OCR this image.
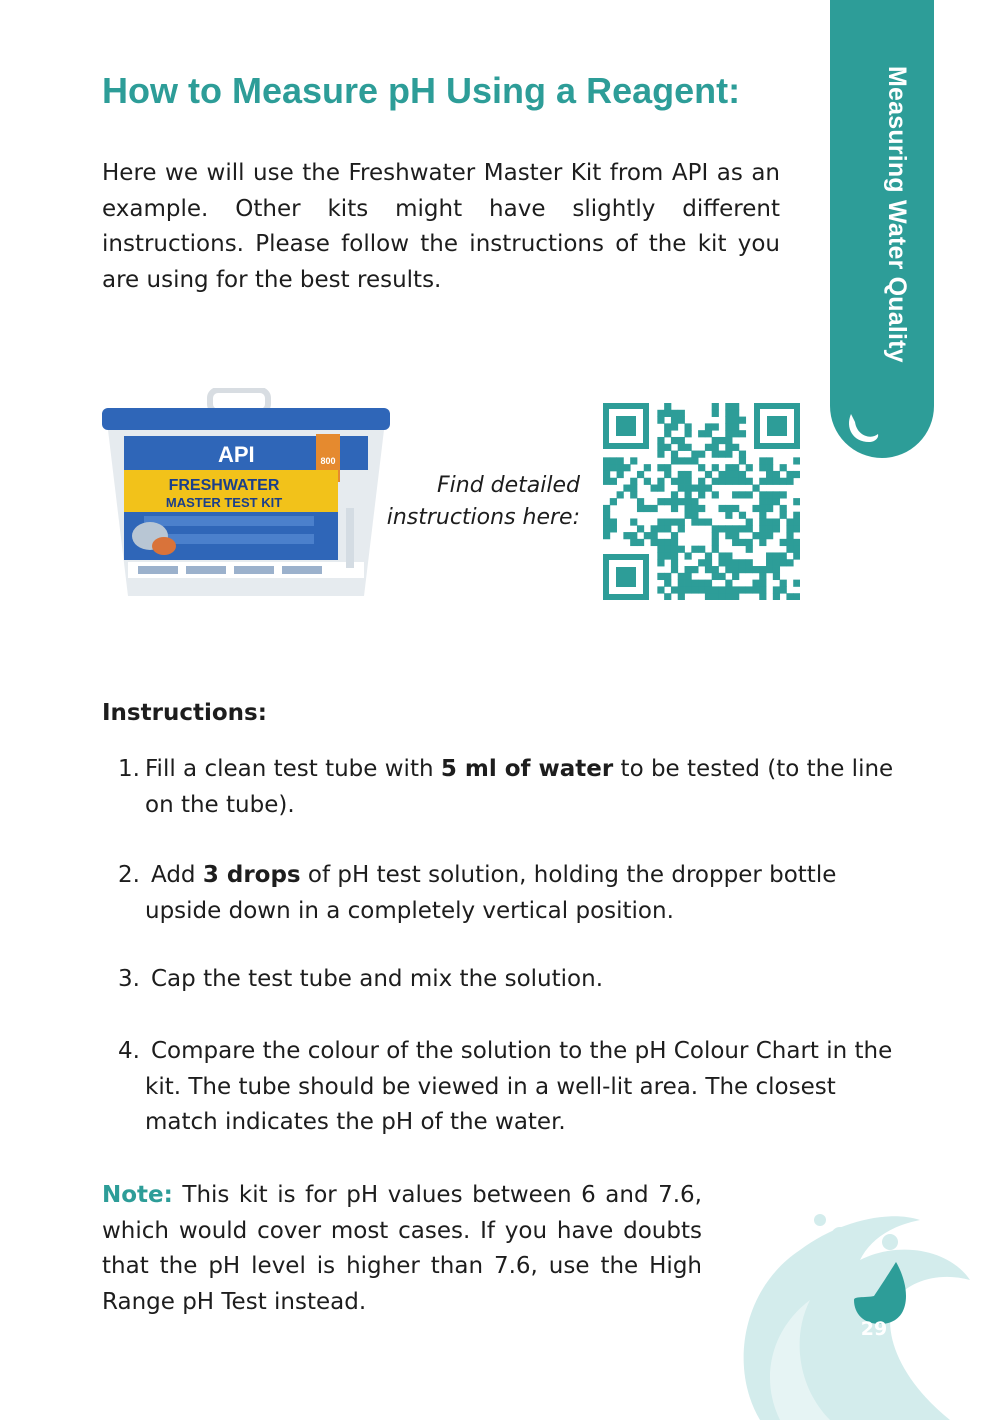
Measuring Water Quality
How to Measure pH Using a Reagent:

Here we will use the Freshwater Master Kit from API as an example. Other kits might have slightly different instructions. Please follow the instructions of the kit you are using for the best results.

API	800
FRESHWATER
MASTER TEST KIT

Find detailed instructions here:

Instructions:
1. Fill a clean test tube with 5 ml of water to be tested (to the line on the tube).
2. Add 3 drops of pH test solution, holding the dropper bottle upside down in a completely vertical position.
3. Cap the test tube and mix the solution.
4. Compare the colour of the solution to the pH Colour Chart in the kit. The tube should be viewed in a well-lit area. The closest match indicates the pH of the water.

Note: This kit is for pH values between 6 and 7.6, which would cover most cases. If you have doubts that the pH level is higher than 7.6, use the High Range pH Test instead.

29
